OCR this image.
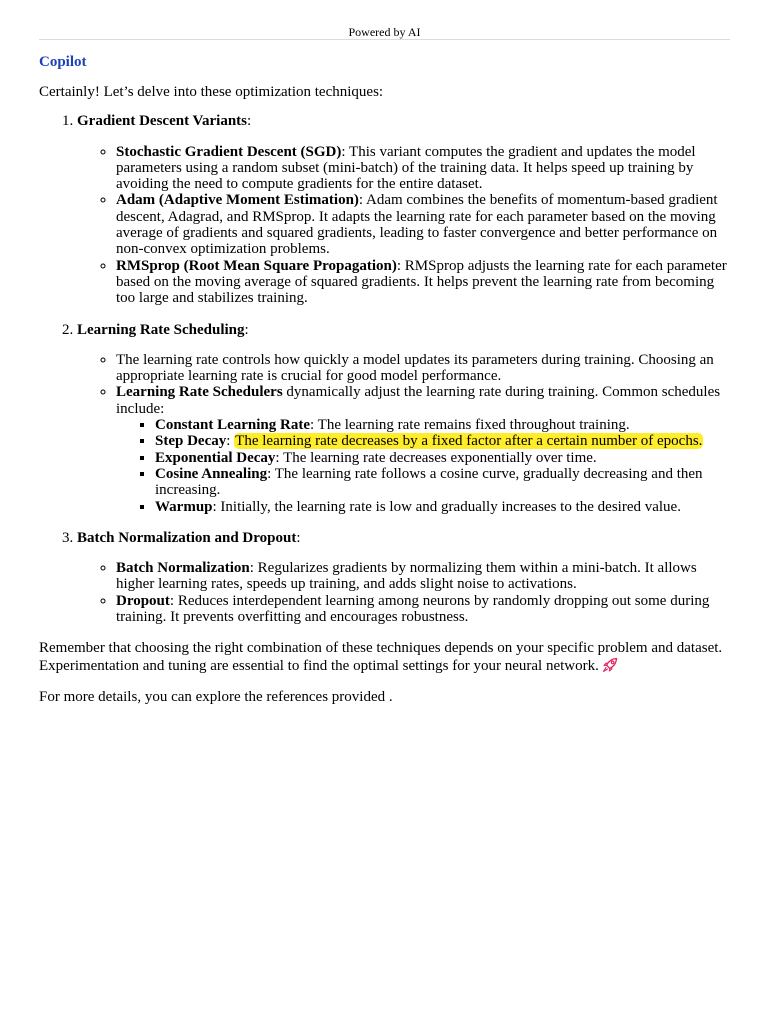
Powered by AI
Copilot

Certainly! Let’s delve into these optimization techniques:

1. Gradient Descent Variants:
◦ Stochastic Gradient Descent (SGD): This variant computes the gradient and updates the model parameters using a random subset (mini-batch) of the training data. It helps speed up training by avoiding the need to compute gradients for the entire dataset.
◦ Adam (Adaptive Moment Estimation): Adam combines the benefits of momentum-based gradient descent, Adagrad, and RMSprop. It adapts the learning rate for each parameter based on the moving average of gradients and squared gradients, leading to faster convergence and better performance on non-convex optimization problems.
◦ RMSprop (Root Mean Square Propagation): RMSprop adjusts the learning rate for each parameter based on the moving average of squared gradients. It helps prevent the learning rate from becoming too large and stabilizes training.
2. Learning Rate Scheduling:
◦ The learning rate controls how quickly a model updates its parameters during training. Choosing an appropriate learning rate is crucial for good model performance.
◦ Learning Rate Schedulers dynamically adjust the learning rate during training. Common schedules include:
▪ Constant Learning Rate: The learning rate remains fixed throughout training.
▪ Step Decay: The learning rate decreases by a fixed factor after a certain number of epochs.
▪ Exponential Decay: The learning rate decreases exponentially over time.
▪ Cosine Annealing: The learning rate follows a cosine curve, gradually decreasing and then increasing.
▪ Warmup: Initially, the learning rate is low and gradually increases to the desired value.
3. Batch Normalization and Dropout:
◦ Batch Normalization: Regularizes gradients by normalizing them within a mini-batch. It allows higher learning rates, speeds up training, and adds slight noise to activations.
◦ Dropout: Reduces interdependent learning among neurons by randomly dropping out some during training. It prevents overfitting and encourages robustness.

Remember that choosing the right combination of these techniques depends on your specific problem and dataset. Experimentation and tuning are essential to find the optimal settings for your neural network.

For more details, you can explore the references provided .
